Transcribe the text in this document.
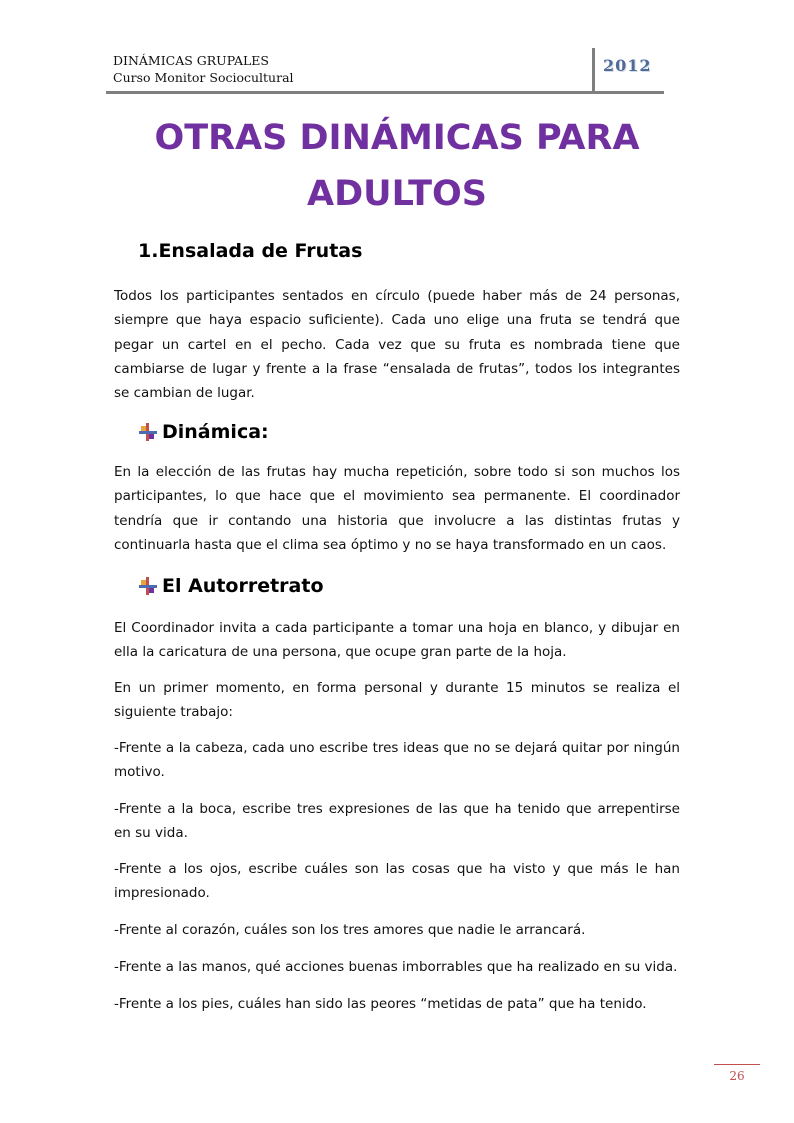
DINÁMICAS GRUPALES
Curso Monitor Sociocultural
2012
OTRAS DINÁMICAS PARA
ADULTOS
1.Ensalada de Frutas
Todos los participantes sentados en círculo (puede haber más de 24 personas, siempre que haya espacio suficiente). Cada uno elige una fruta se tendrá que pegar un cartel en el pecho. Cada vez que su fruta es nombrada tiene que cambiarse de lugar y frente a la frase “ensalada de frutas”, todos los integrantes se cambian de lugar.
Dinámica:
En la elección de las frutas hay mucha repetición, sobre todo si son muchos los participantes, lo que hace que el movimiento sea permanente. El coordinador tendría que ir contando una historia que involucre a las distintas frutas y continuarla hasta que el clima sea óptimo y no se haya transformado en un caos.
El Autorretrato
El Coordinador invita a cada participante a tomar una hoja en blanco, y dibujar en ella la caricatura de una persona, que ocupe gran parte de la hoja.
En un primer momento, en forma personal y durante 15 minutos se realiza el siguiente trabajo:
-Frente a la cabeza, cada uno escribe tres ideas que no se dejará quitar por ningún motivo.
-Frente a la boca, escribe tres expresiones de las que ha tenido que arrepentirse en su vida.
-Frente a los ojos, escribe cuáles son las cosas que ha visto y que más le han impresionado.
-Frente al corazón, cuáles son los tres amores que nadie le arrancará.
-Frente a las manos, qué acciones buenas imborrables que ha realizado en su vida.
-Frente a los pies, cuáles han sido las peores “metidas de pata” que ha tenido.
26
